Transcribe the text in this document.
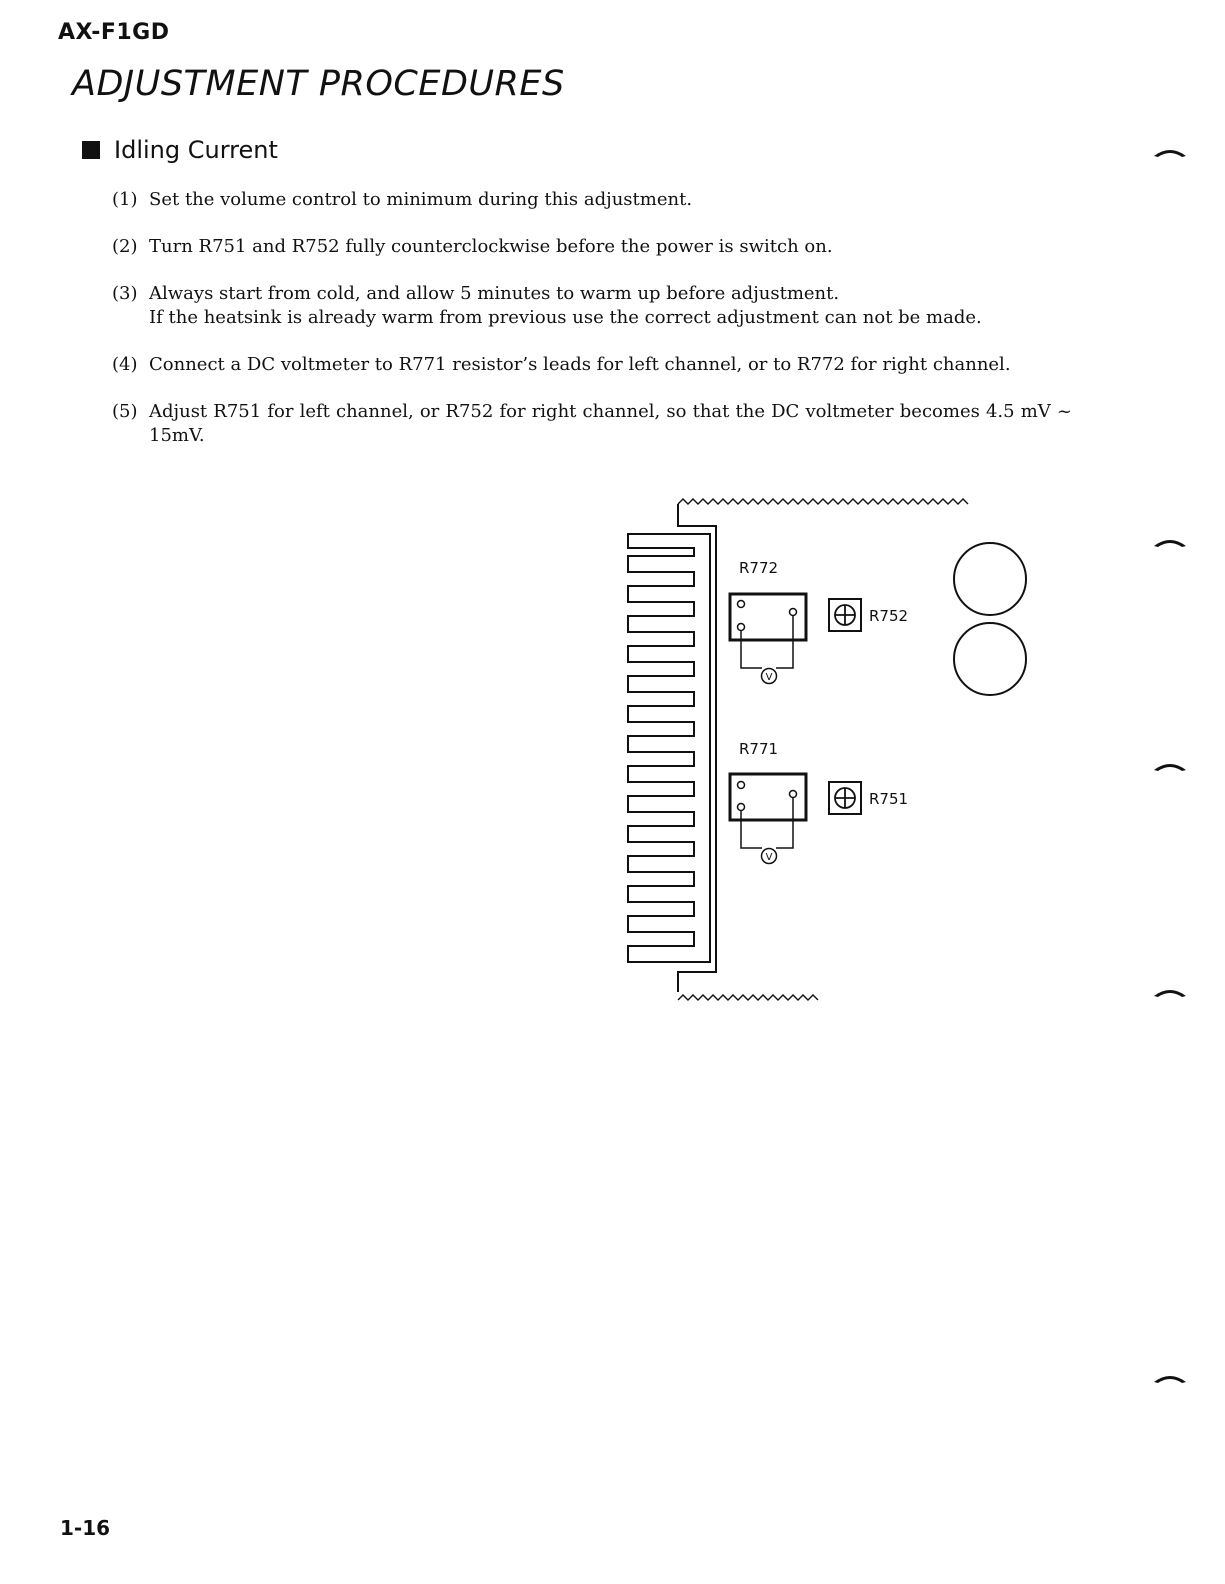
AX-F1GD
ADJUSTMENT PROCEDURES
Idling Current
(1) Set the volume control to minimum during this adjustment.
(2) Turn R751 and R752 fully counterclockwise before the power is switch on.
(3) Always start from cold, and allow 5 minutes to warm up before adjustment.
If the heatsink is already warm from previous use the correct adjustment can not be made.
(4) Connect a DC voltmeter to R771 resistor’s leads for left channel, or to R772 for right channel.
(5) Adjust R751 for left channel, or R752 for right channel, so that the DC voltmeter becomes 4.5 mV ~ 15mV.
R772
R752
R771
R751
V
V
1-16
